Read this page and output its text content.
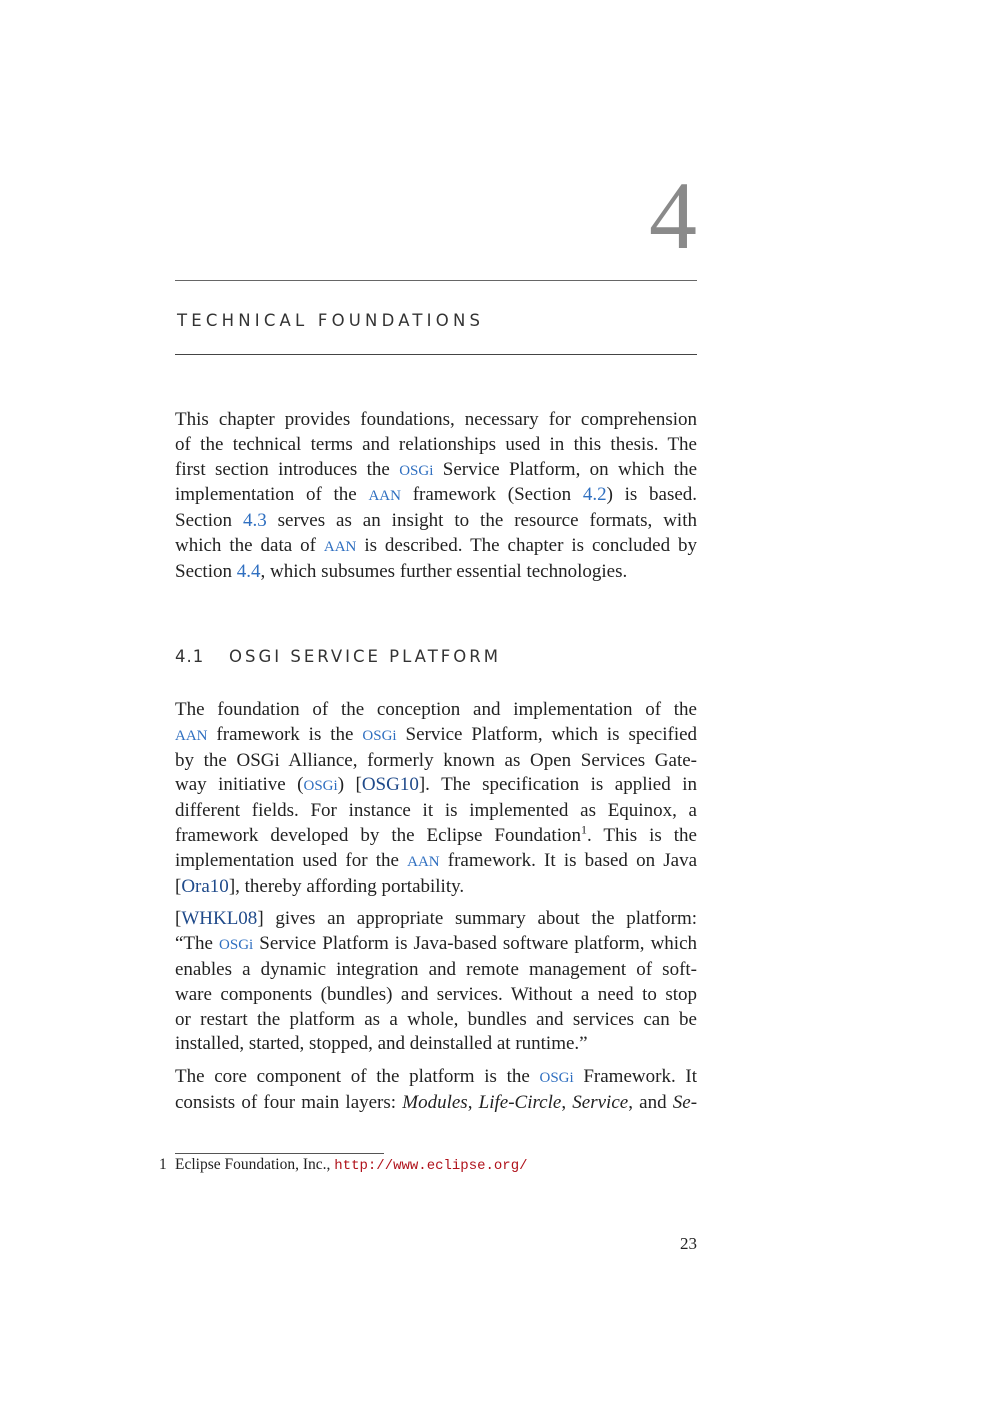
4
TECHNICAL FOUNDATIONS
This chapter provides foundations, necessary for comprehension
of the technical terms and relationships used in this thesis. The
first section introduces the OSGi Service Platform, on which the
implementation of the AAN framework (Section 4.2) is based.
Section 4.3 serves as an insight to the resource formats, with
which the data of AAN is described. The chapter is concluded by
Section 4.4, which subsumes further essential technologies.
4.1 OSGI SERVICE PLATFORM

The foundation of the conception and implementation of the
AAN framework is the OSGi Service Platform, which is specified
by the OSGi Alliance, formerly known as Open Services Gate-
way initiative (OSGi) [OSG10]. The specification is applied in
different fields. For instance it is implemented as Equinox, a
framework developed by the Eclipse Foundation$^1$. This is the
implementation used for the AAN framework. It is based on Java
[Ora10], thereby affording portability.

[WHKL08] gives an appropriate summary about the platform:
“The OSGi Service Platform is Java-based software platform, which
enables a dynamic integration and remote management of soft-
ware components (bundles) and services. Without a need to stop
or restart the platform as a whole, bundles and services can be
installed, started, stopped, and deinstalled at runtime.”

The core component of the platform is the OSGi Framework. It
consists of four main layers: Modules, Life-Circle, Service, and Se-

1 Eclipse Foundation, Inc., http://www.eclipse.org/
23
